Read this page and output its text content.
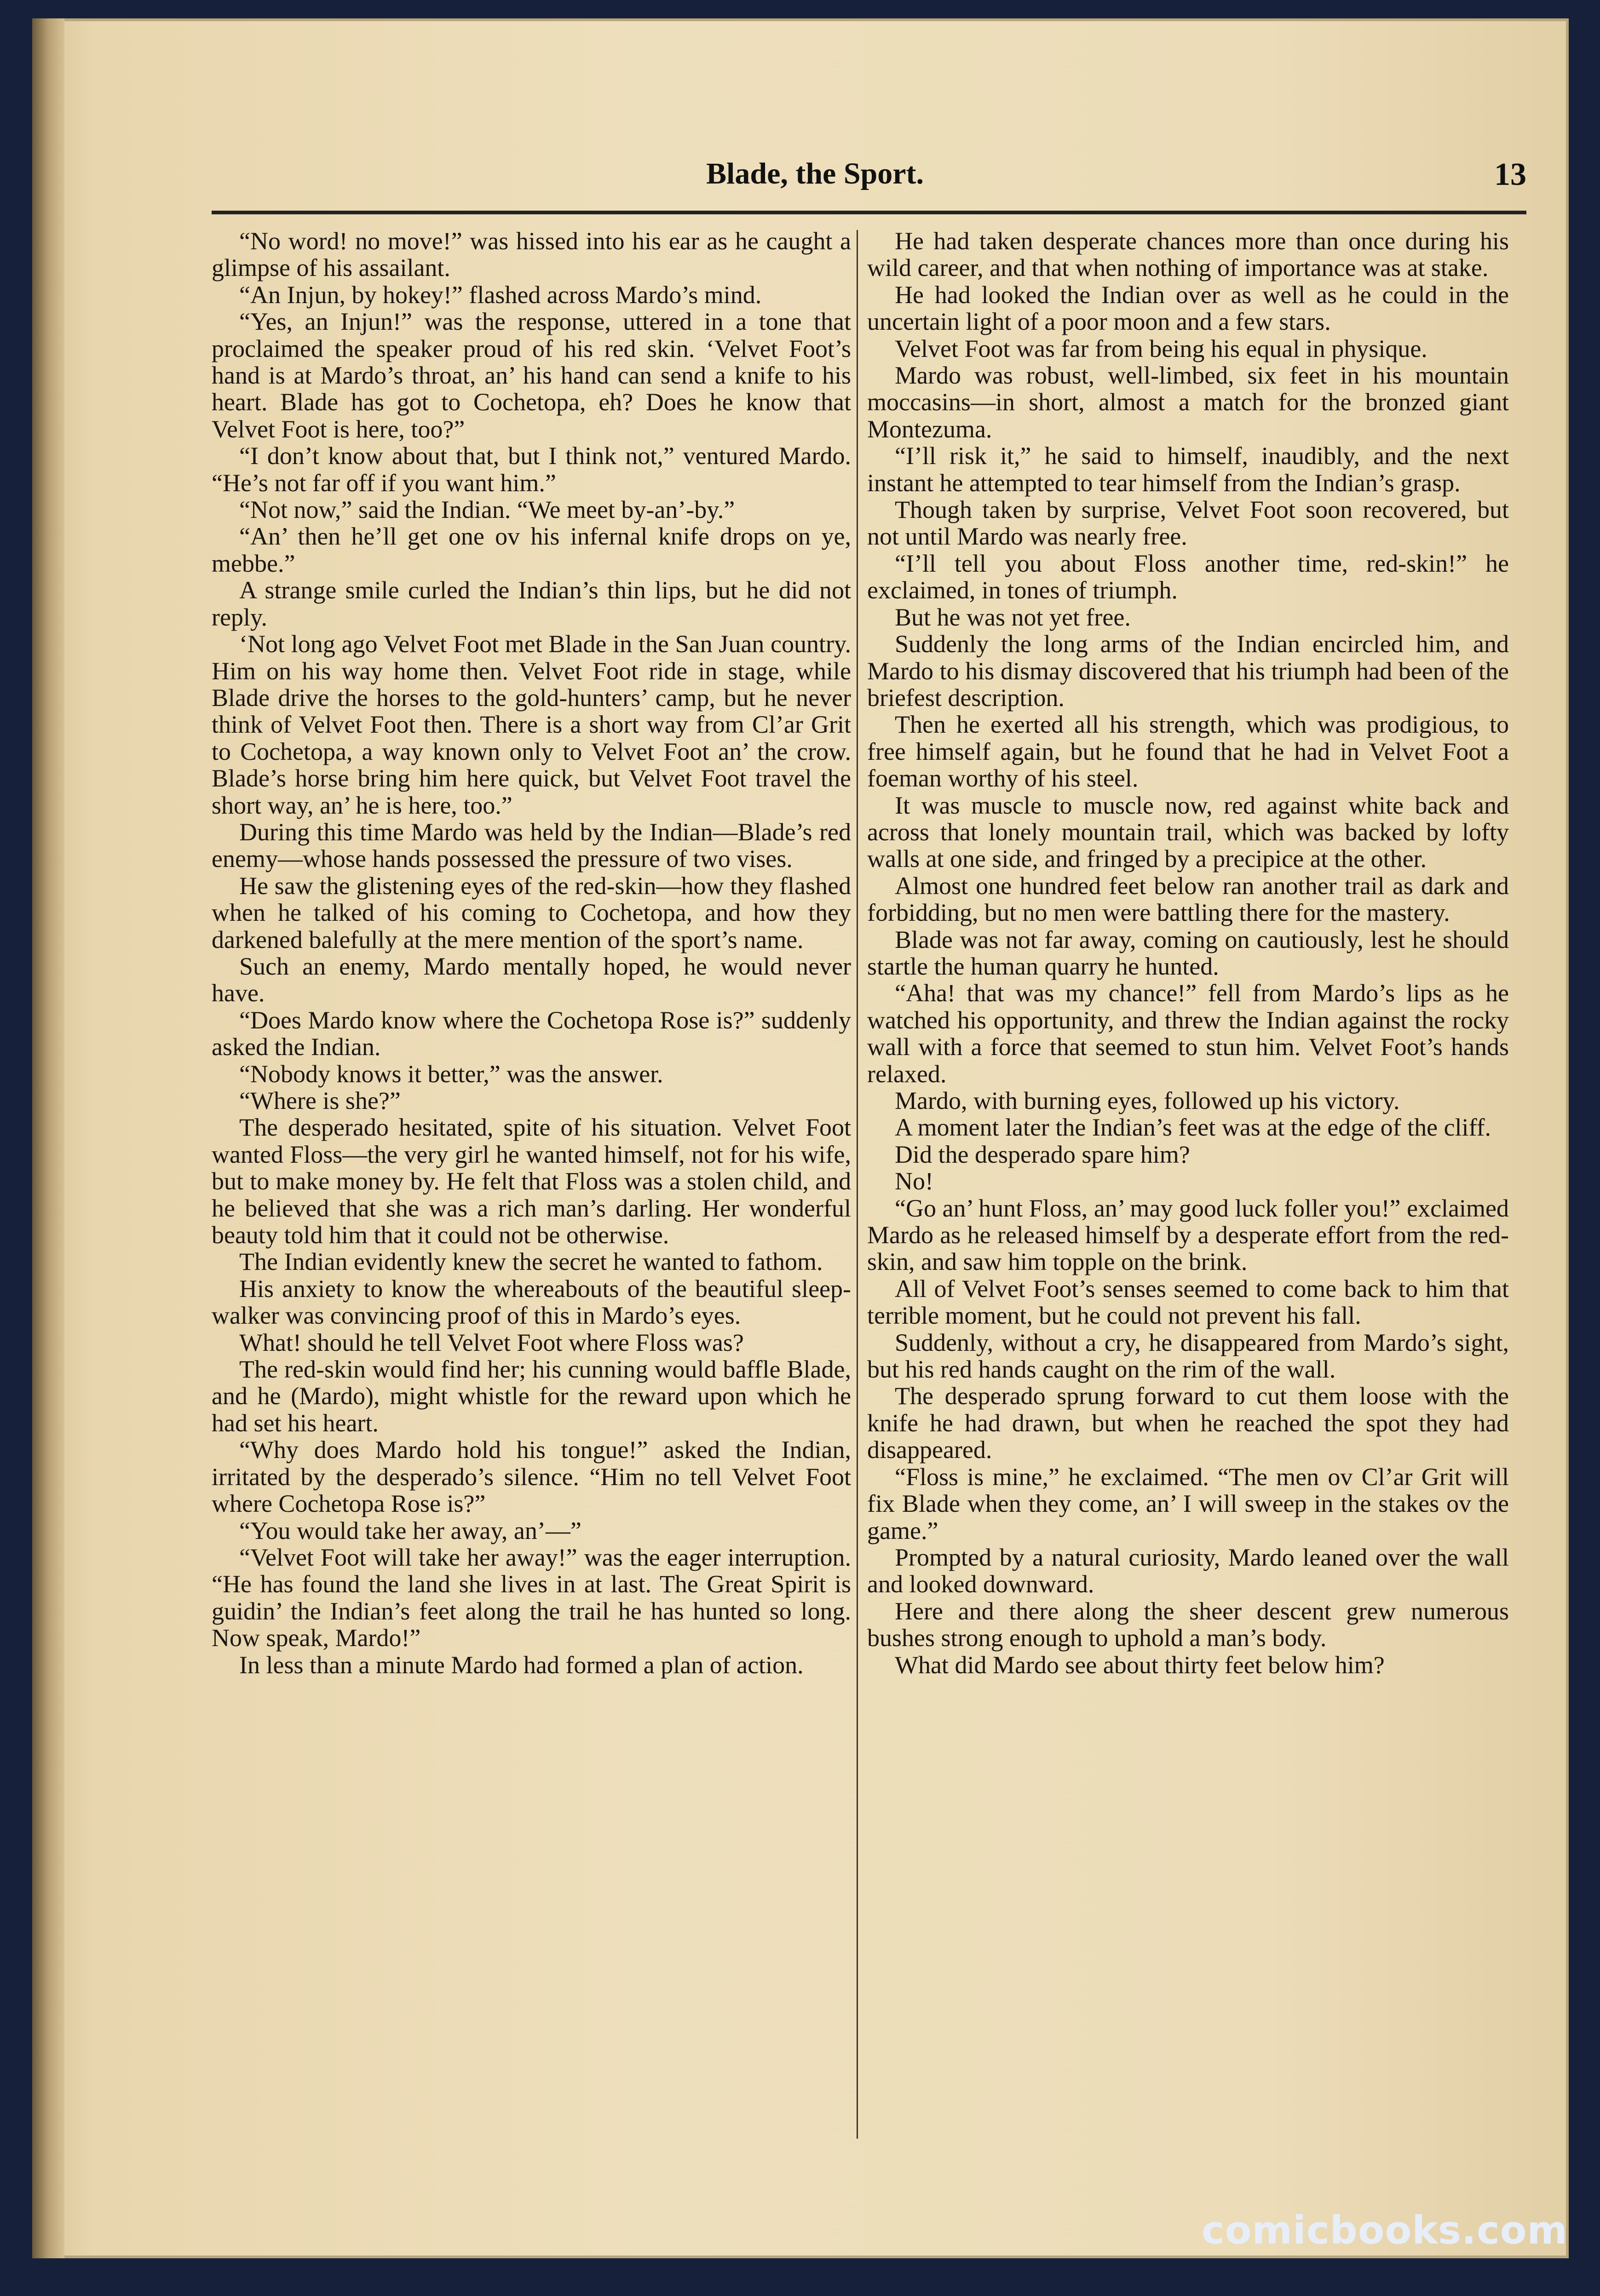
Blade, the Sport.	13

“No word! no move!” was hissed into his ear as he caught a glimpse of his assailant.

“An Injun, by hokey!” flashed across Mardo’s mind.

“Yes, an Injun!” was the response, uttered in a tone that proclaimed the speaker proud of his red skin. ‘Velvet Foot’s hand is at Mardo’s throat, an’ his hand can send a knife to his heart. Blade has got to Cochetopa, eh? Does he know that Velvet Foot is here, too?”

“I don’t know about that, but I think not,” ventured Mardo. “He’s not far off if you want him.”

“Not now,” said the Indian. “We meet by-an’-by.”

“An’ then he’ll get one ov his infernal knife drops on ye, mebbe.”

A strange smile curled the Indian’s thin lips, but he did not reply.

‘Not long ago Velvet Foot met Blade in the San Juan country. Him on his way home then. Velvet Foot ride in stage, while Blade drive the horses to the gold-hunters’ camp, but he never think of Velvet Foot then. There is a short way from Cl’ar Grit to Cochetopa, a way known only to Velvet Foot an’ the crow. Blade’s horse bring him here quick, but Velvet Foot travel the short way, an’ he is here, too.”

During this time Mardo was held by the Indian—Blade’s red enemy—whose hands possessed the pressure of two vises.

He saw the glistening eyes of the red-skin—how they flashed when he talked of his coming to Cochetopa, and how they darkened balefully at the mere mention of the sport’s name.

Such an enemy, Mardo mentally hoped, he would never have.

“Does Mardo know where the Cochetopa Rose is?” suddenly asked the Indian.

“Nobody knows it better,” was the answer.

“Where is she?”

The desperado hesitated, spite of his situation. Velvet Foot wanted Floss—the very girl he wanted himself, not for his wife, but to make money by. He felt that Floss was a stolen child, and he believed that she was a rich man’s darling. Her wonderful beauty told him that it could not be otherwise.

The Indian evidently knew the secret he wanted to fathom.

His anxiety to know the whereabouts of the beautiful sleep-walker was convincing proof of this in Mardo’s eyes.

What! should he tell Velvet Foot where Floss was?

The red-skin would find her; his cunning would baffle Blade, and he (Mardo), might whistle for the reward upon which he had set his heart.

“Why does Mardo hold his tongue!” asked the Indian, irritated by the desperado’s silence. “Him no tell Velvet Foot where Cochetopa Rose is?”

“You would take her away, an’—”

“Velvet Foot will take her away!” was the eager interruption. “He has found the land she lives in at last. The Great Spirit is guidin’ the Indian’s feet along the trail he has hunted so long. Now speak, Mardo!”

In less than a minute Mardo had formed a plan of action.

He had taken desperate chances more than once during his wild career, and that when nothing of importance was at stake.

He had looked the Indian over as well as he could in the uncertain light of a poor moon and a few stars.

Velvet Foot was far from being his equal in physique.

Mardo was robust, well-limbed, six feet in his mountain moccasins—in short, almost a match for the bronzed giant Montezuma.

“I’ll risk it,” he said to himself, inaudibly, and the next instant he attempted to tear himself from the Indian’s grasp.

Though taken by surprise, Velvet Foot soon recovered, but not until Mardo was nearly free.

“I’ll tell you about Floss another time, red-skin!” he exclaimed, in tones of triumph.

But he was not yet free.

Suddenly the long arms of the Indian encircled him, and Mardo to his dismay discovered that his triumph had been of the briefest description.

Then he exerted all his strength, which was prodigious, to free himself again, but he found that he had in Velvet Foot a foeman worthy of his steel.

It was muscle to muscle now, red against white back and across that lonely mountain trail, which was backed by lofty walls at one side, and fringed by a precipice at the other.

Almost one hundred feet below ran another trail as dark and forbidding, but no men were battling there for the mastery.

Blade was not far away, coming on cautiously, lest he should startle the human quarry he hunted.

“Aha! that was my chance!” fell from Mardo’s lips as he watched his opportunity, and threw the Indian against the rocky wall with a force that seemed to stun him. Velvet Foot’s hands relaxed.

Mardo, with burning eyes, followed up his victory.

A moment later the Indian’s feet was at the edge of the cliff.

Did the desperado spare him?

No!

“Go an’ hunt Floss, an’ may good luck foller you!” exclaimed Mardo as he released himself by a desperate effort from the red-skin, and saw him topple on the brink.

All of Velvet Foot’s senses seemed to come back to him that terrible moment, but he could not prevent his fall.

Suddenly, without a cry, he disappeared from Mardo’s sight, but his red hands caught on the rim of the wall.

The desperado sprung forward to cut them loose with the knife he had drawn, but when he reached the spot they had disappeared.

“Floss is mine,” he exclaimed. “The men ov Cl’ar Grit will fix Blade when they come, an’ I will sweep in the stakes ov the game.”

Prompted by a natural curiosity, Mardo leaned over the wall and looked downward.

Here and there along the sheer descent grew numerous bushes strong enough to uphold a man’s body.

What did Mardo see about thirty feet below him?

comicbooks.com
